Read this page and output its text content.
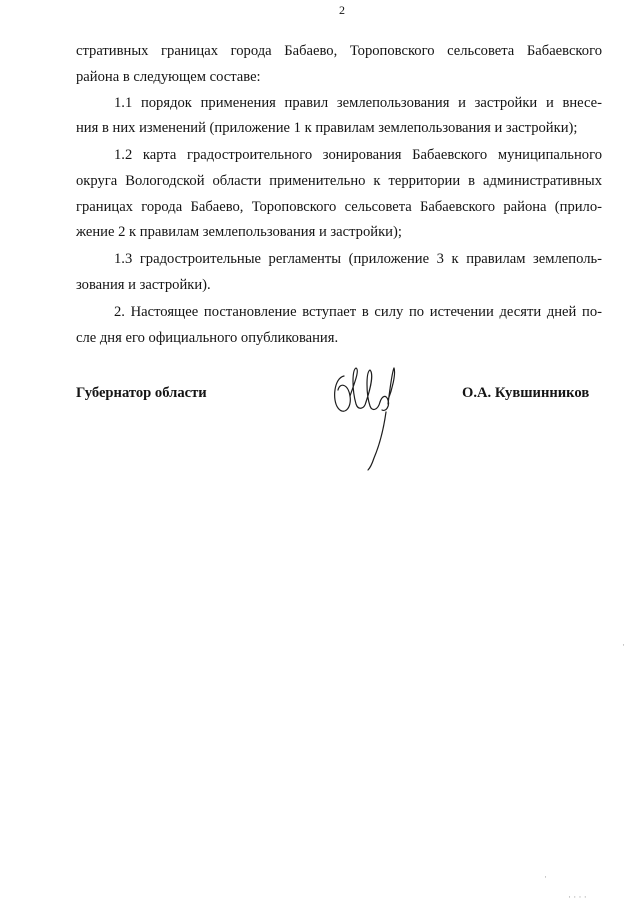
2
стративных границах города Бабаево, Тороповского сельсовета Бабаевского
района в следующем составе:
1.1 порядок применения правил землепользования и застройки и внесе-
ния в них изменений (приложение 1 к правилам землепользования и застройки);
1.2 карта градостроительного зонирования Бабаевского муниципального
округа Вологодской области применительно к территории в административных
границах города Бабаево, Тороповского сельсовета Бабаевского района (прило-
жение 2 к правилам землепользования и застройки);
1.3 градостроительные регламенты (приложение 3 к правилам землеполь-
зования и застройки).
2. Настоящее постановление вступает в силу по истечении десяти дней по-
сле дня его официального опубликования.
Губернатор области	О.А. Кувшинников
· · · ·
·
·
